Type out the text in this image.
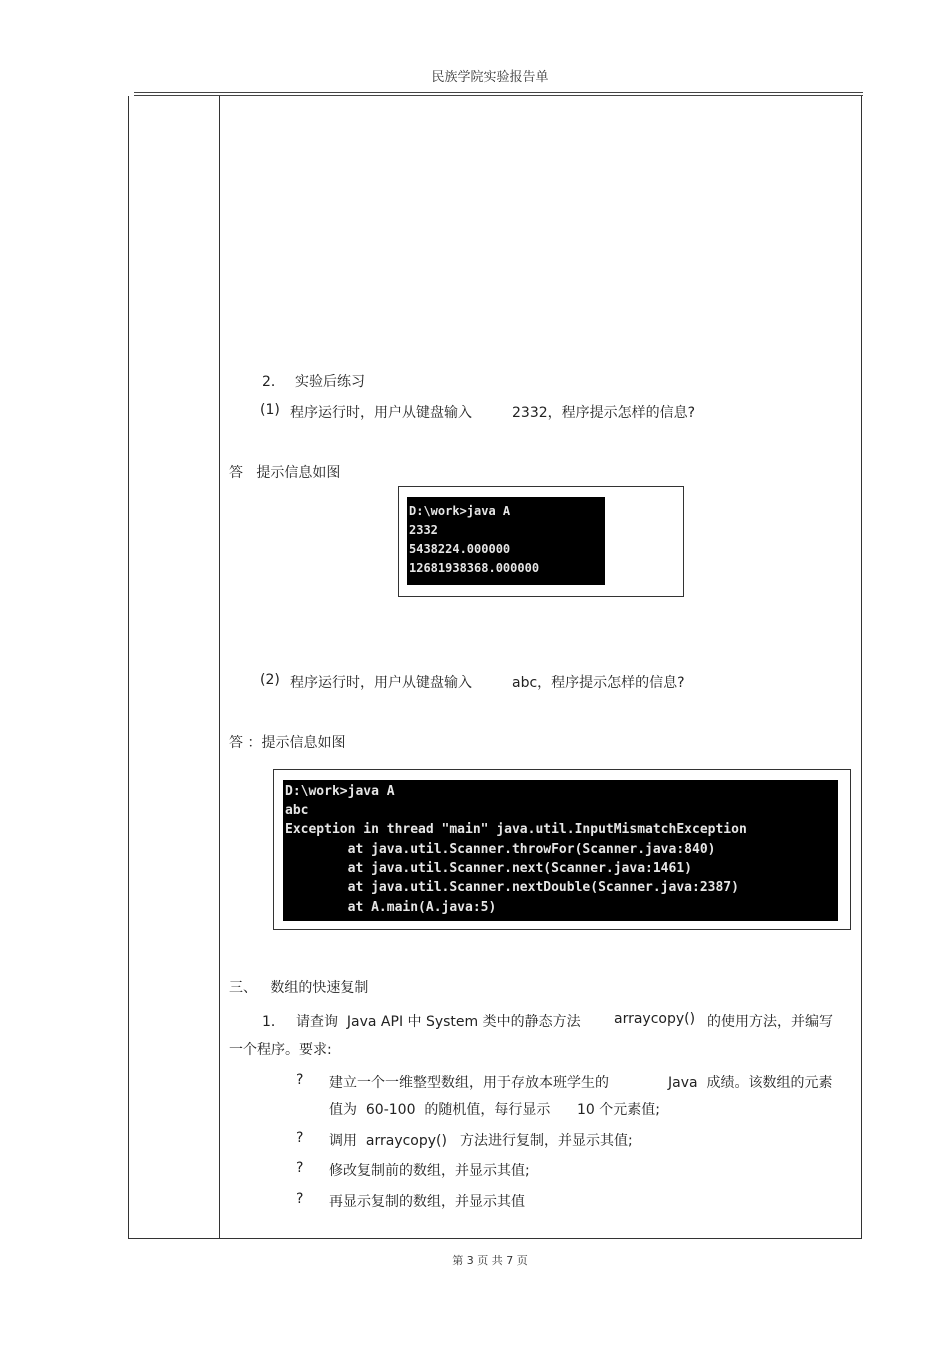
民族学院实验报告单
2． 实验后练习
(1) 程序运行时，用户从键盘输入	2332，程序提示怎样的信息?
答   提示信息如图
D:\work>java A
2332
5438224.000000
12681938368.000000
(2) 程序运行时，用户从键盘输入	abc，程序提示怎样的信息?
答 ：提示信息如图
D:\work>java A
abc
Exception in thread "main" java.util.InputMismatchException
at java.util.Scanner.throwFor(Scanner.java:840)
at java.util.Scanner.next(Scanner.java:1461)
at java.util.Scanner.nextDouble(Scanner.java:2387)
at A.main(A.java:5)
三、   数组的快速复制
1． 请查询  Java API 中 System 类中的静态方法 arraycopy() 的使用方法，并编写
一个程序。要求:
? 建立一个一维整型数组，用于存放本班学生的	Java  成绩。该数组的元素
值为  60-100  的随机值，每行显示 10 个元素值;
? 调用  arraycopy() 方法进行复制，并显示其值;
? 修改复制前的数组，并显示其值;
? 再显示复制的数组，并显示其值
第 3 页 共 7 页
